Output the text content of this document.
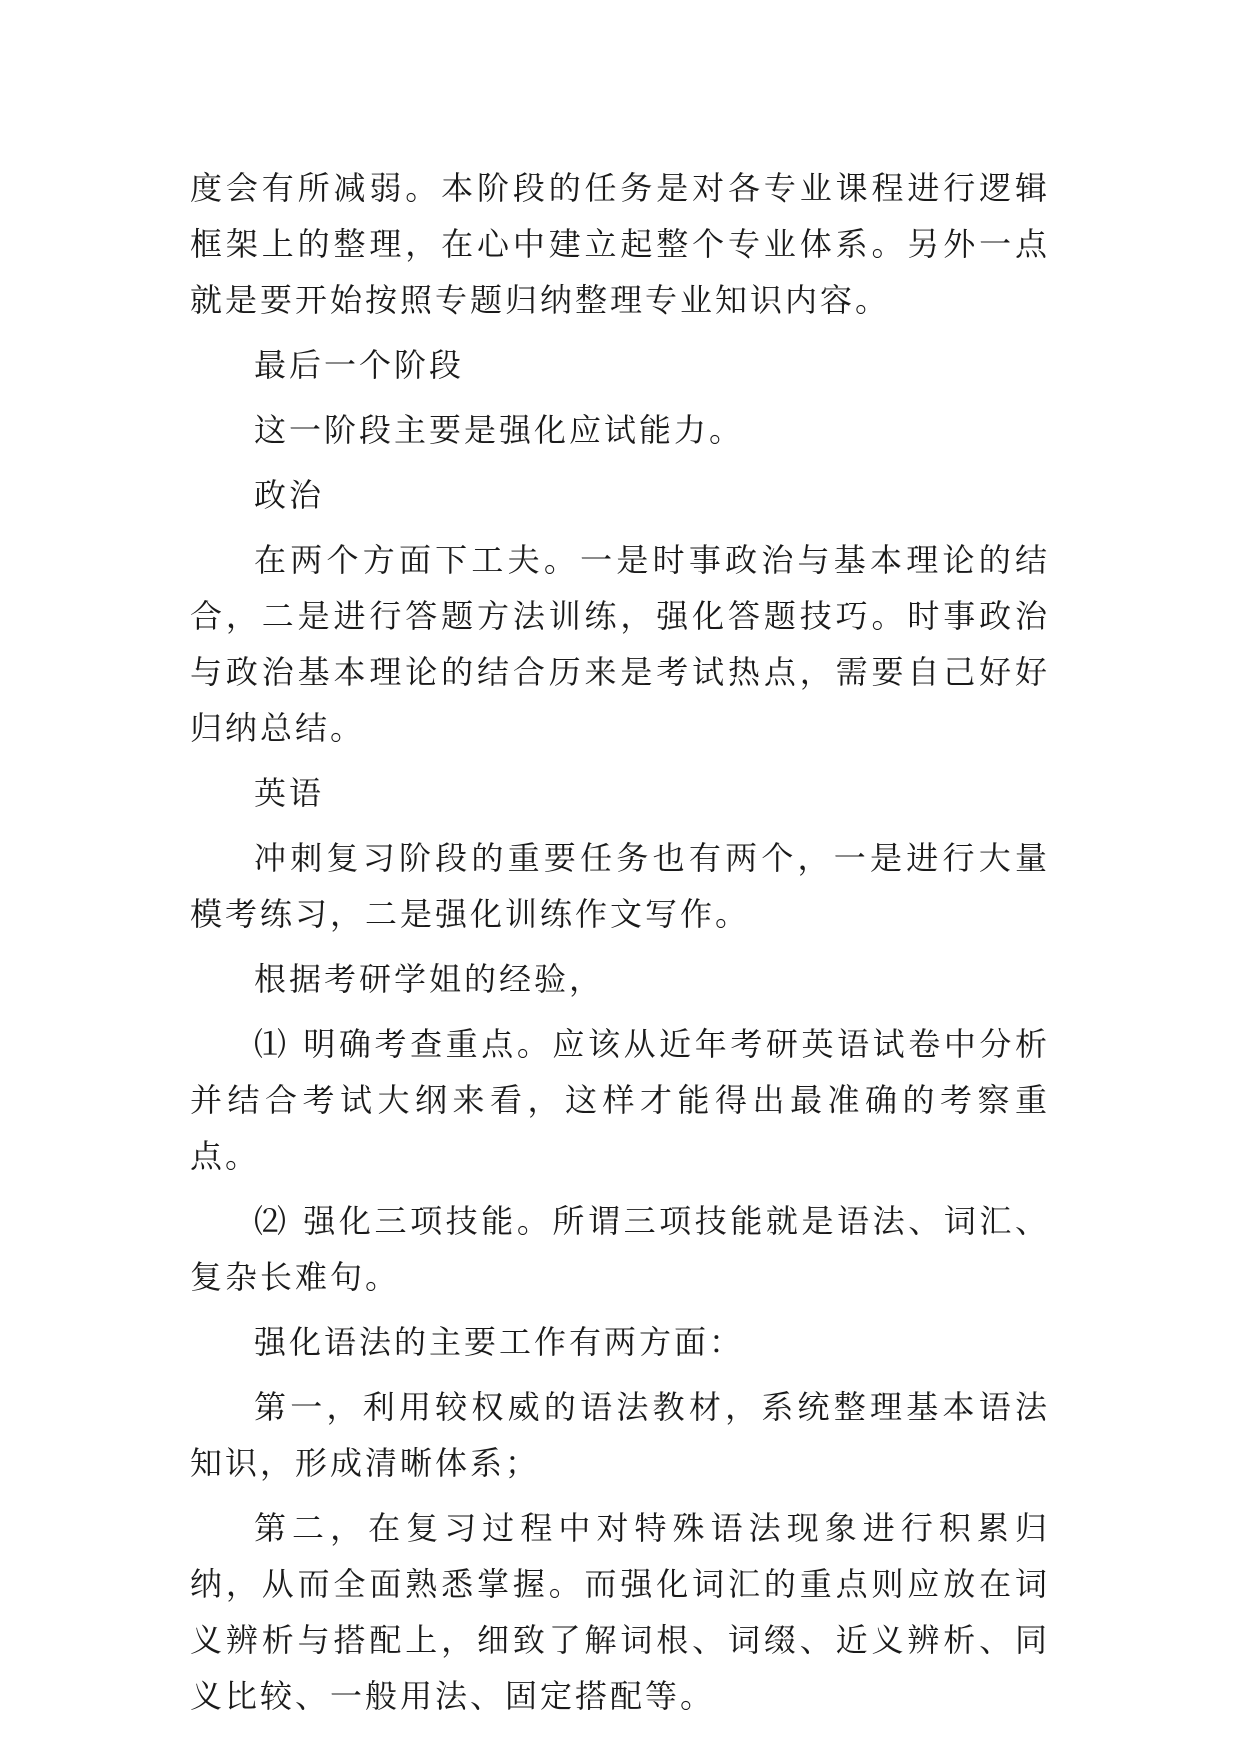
度会有所减弱。本阶段的任务是对各专业课程进行逻辑框架上的整理，在心中建立起整个专业体系。另外一点就是要开始按照专题归纳整理专业知识内容。

最后一个阶段

这一阶段主要是强化应试能力。

政治

在两个方面下工夫。一是时事政治与基本理论的结合，二是进行答题方法训练，强化答题技巧。时事政治与政治基本理论的结合历来是考试热点，需要自己好好归纳总结。

英语

冲刺复习阶段的重要任务也有两个，一是进行大量模考练习，二是强化训练作文写作。

根据考研学姐的经验，

⑴ 明确考查重点。应该从近年考研英语试卷中分析并结合考试大纲来看，这样才能得出最准确的考察重点。

⑵ 强化三项技能。所谓三项技能就是语法、词汇、复杂长难句。

强化语法的主要工作有两方面：

第一，利用较权威的语法教材，系统整理基本语法知识，形成清晰体系；

第二，在复习过程中对特殊语法现象进行积累归纳，从而全面熟悉掌握。而强化词汇的重点则应放在词义辨析与搭配上，细致了解词根、词缀、近义辨析、同义比较、一般用法、固定搭配等。
